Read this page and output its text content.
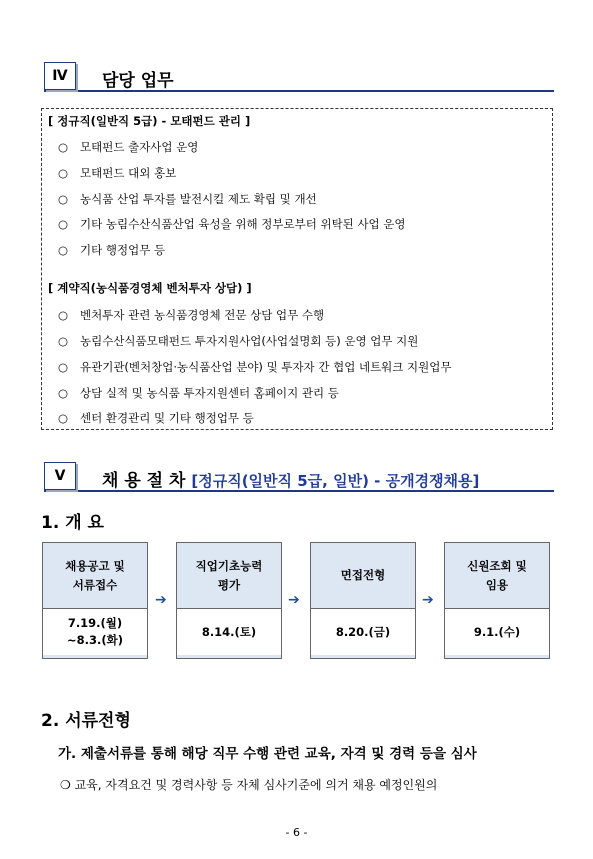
Ⅳ	담당 업무
[ 정규직(일반직 5급) - 모태펀드 관리 ]
○ 모태펀드 출자사업 운영
○ 모태펀드 대외 홍보
○ 농식품 산업 투자를 발전시킬 제도 확립 및 개선
○ 기타 농림수산식품산업 육성을 위해 정부로부터 위탁된 사업 운영
○ 기타 행정업무 등
[ 계약직(농식품경영체 벤처투자 상담) ]
○ 벤처투자 관련 농식품경영체 전문 상담 업무 수행
○ 농림수산식품모태펀드 투자지원사업(사업설명회 등) 운영 업무 지원
○ 유관기관(벤처창업·농식품산업 분야) 및 투자자 간 협업 네트워크 지원업무
○ 상담 실적 및 농식품 투자지원센터 홈페이지 관리 등
○ 센터 환경관리 및 기타 행정업무 등
Ⅴ	채 용 절 차 [정규직(일반직 5급, 일반) - 공개경쟁채용]
1. 개 요
채용공고 및
서류접수
7.19.(월)
~8.3.(화)
➔
직업기초능력
평가
8.14.(토)
➔
면접전형
8.20.(금)
➔
신원조회 및
임용
9.1.(수)
2. 서류전형
가. 제출서류를 통해 해당 직무 수행 관련 교육, 자격 및 경력 등을 심사
❍ 교육, 자격요건 및 경력사항 등 자체 심사기준에 의거 채용 예정인원의
- 6 -
